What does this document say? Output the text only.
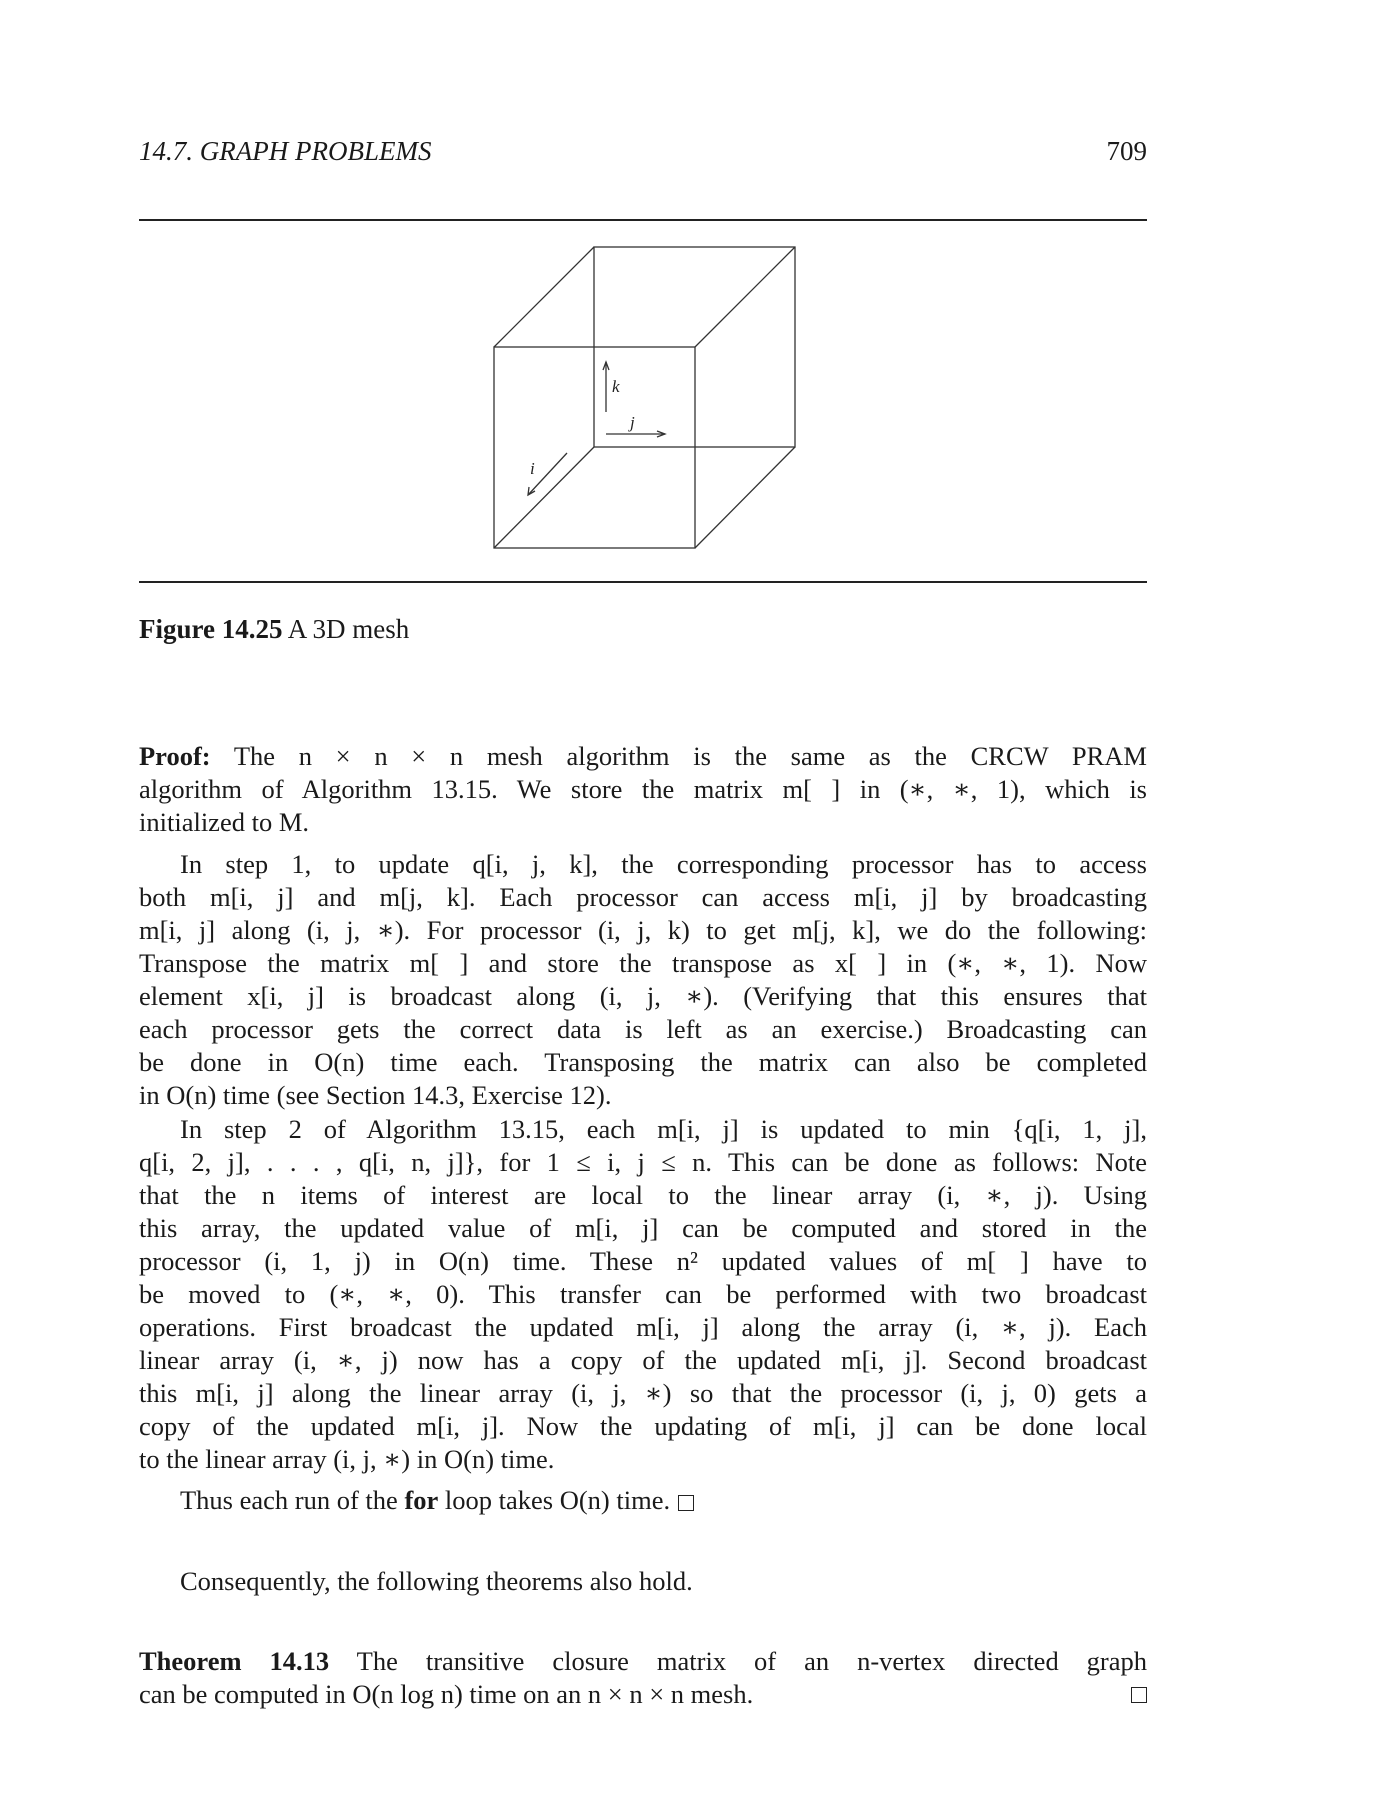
14.7. GRAPH PROBLEMS	709
k
j
i
Figure 14.25 A 3D mesh
Proof: The n × n × n mesh algorithm is the same as the CRCW PRAM
algorithm of Algorithm 13.15. We store the matrix m[ ] in (∗, ∗, 1), which is
initialized to M.
In step 1, to update q[i, j, k], the corresponding processor has to access
both m[i, j] and m[j, k]. Each processor can access m[i, j] by broadcasting
m[i, j] along (i, j, ∗). For processor (i, j, k) to get m[j, k], we do the following:
Transpose the matrix m[ ] and store the transpose as x[ ] in (∗, ∗, 1). Now
element x[i, j] is broadcast along (i, j, ∗). (Verifying that this ensures that
each processor gets the correct data is left as an exercise.) Broadcasting can
be done in O(n) time each. Transposing the matrix can also be completed
in O(n) time (see Section 14.3, Exercise 12).
In step 2 of Algorithm 13.15, each m[i, j] is updated to min {q[i, 1, j],
q[i, 2, j], . . . , q[i, n, j]}, for 1 ≤ i, j ≤ n. This can be done as follows: Note
that the n items of interest are local to the linear array (i, ∗, j). Using
this array, the updated value of m[i, j] can be computed and stored in the
processor (i, 1, j) in O(n) time. These n² updated values of m[ ] have to
be moved to (∗, ∗, 0). This transfer can be performed with two broadcast
operations. First broadcast the updated m[i, j] along the array (i, ∗, j). Each
linear array (i, ∗, j) now has a copy of the updated m[i, j]. Second broadcast
this m[i, j] along the linear array (i, j, ∗) so that the processor (i, j, 0) gets a
copy of the updated m[i, j]. Now the updating of m[i, j] can be done local
to the linear array (i, j, ∗) in O(n) time.
Thus each run of the for loop takes O(n) time.
Consequently, the following theorems also hold.
Theorem 14.13 The transitive closure matrix of an n-vertex directed graph
can be computed in O(n log n) time on an n × n × n mesh.
